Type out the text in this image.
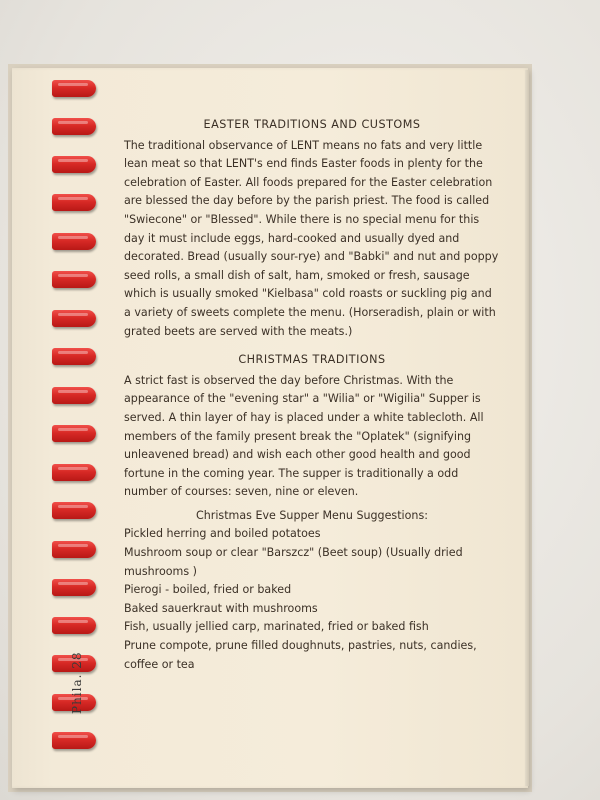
Phila. 28
EASTER TRADITIONS AND CUSTOMS

The traditional observance of LENT means no fats and very little lean meat so that LENT's end finds Easter foods in plenty for the celebration of Easter. All foods prepared for the Easter celebration are blessed the day before by the parish priest. The food is called "Swiecone" or "Blessed". While there is no special menu for this day it must include eggs, hard-cooked and usually dyed and decorated. Bread (usually sour-rye) and "Babki" and nut and poppy seed rolls, a small dish of salt, ham, smoked or fresh, sausage which is usually smoked "Kielbasa" cold roasts or suckling pig and a variety of sweets complete the menu. (Horseradish, plain or with grated beets are served with the meats.)

CHRISTMAS TRADITIONS

A strict fast is observed the day before Christmas. With the appearance of the "evening star" a "Wilia" or "Wigilia" Supper is served. A thin layer of hay is placed under a white tablecloth. All members of the family present break the "Oplatek" (signifying unleavened bread) and wish each other good health and good fortune in the coming year. The supper is traditionally a odd number of courses: seven, nine or eleven.

Christmas Eve Supper Menu Suggestions:

Pickled herring and boiled potatoes

Mushroom soup or clear "Barszcz" (Beet soup) (Usually dried mushrooms )

Pierogi - boiled, fried or baked

Baked sauerkraut with mushrooms

Fish, usually jellied carp, marinated, fried or baked fish

Prune compote, prune filled doughnuts, pastries, nuts, candies, coffee or tea
